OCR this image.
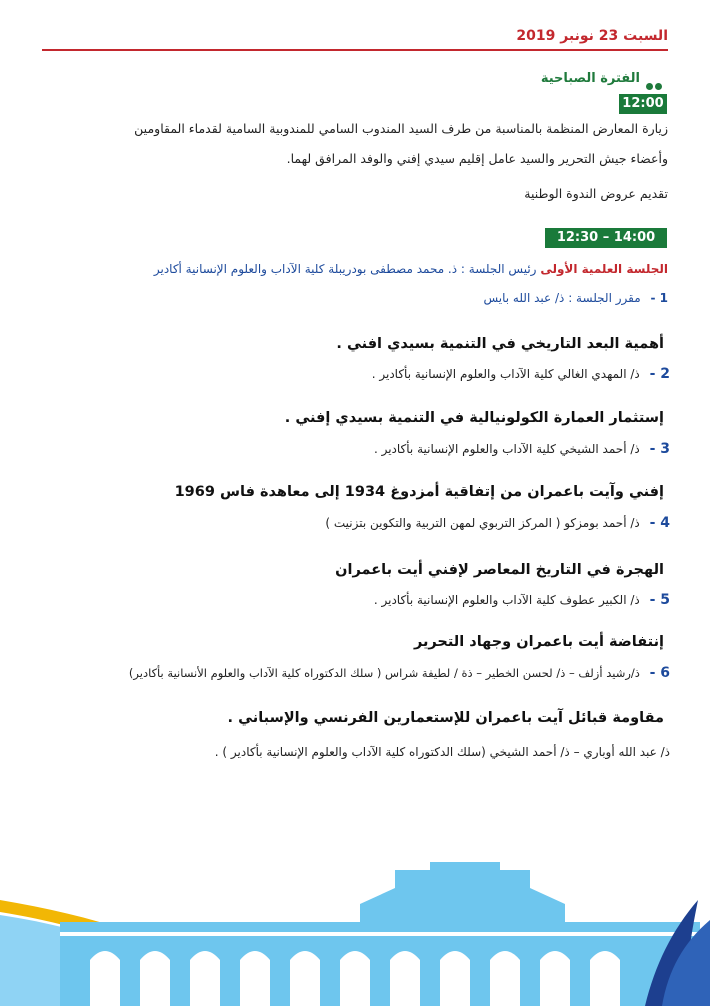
السبت 23 نونبر 2019
الفترة الصباحية
12:00
زيارة المعارض المنظمة بالمناسبة من طرف السيد المندوب السامي للمندوبية السامية لقدماء المقاومين
وأعضاء جيش التحرير والسيد عامل إقليم سيدي إفني والوفد المرافق لهما.
تقديم عروض الندوة الوطنية
12:30 – 14:00
الجلسة العلمية الأولى رئيس الجلسة : ذ. محمد مصطفى بودريبلة كلية الآداب والعلوم الإنسانية أكادير
1 - مقرر الجلسة : ذ/ عبد الله بايس
أهمية البعد التاريخي في التنمية بسيدي افني .
2 - ذ/ المهدي الغالي كلية الآداب والعلوم الإنسانية بأكادير .
إستثمار العمارة الكولونيالية في التنمية بسيدي إفني .
3 - ذ/ أحمد الشيخي كلية الآداب والعلوم الإنسانية بأكادير .
إفني وآيت باعمران من إتفاقية أمزدوغ 1934 إلى معاهدة فاس 1969
4 - ذ/ أحمد بومزكو ( المركز التربوي لمهن التربية والتكوين بتزنيت )
الهجرة في التاريخ المعاصر لإفني أيت باعمران
5 - ذ/ الكبير عطوف كلية الآداب والعلوم الإنسانية بأكادير .
إنتفاضة أيت باعمران وجهاد التحرير
6 - ذ/رشيد أزلف – ذ/ لحسن الخطير – ذة / لطيفة شراس ( سلك الدكتوراه كلية الآداب والعلوم الأنسانية بأكادير)
مقاومة قبائل آيت باعمران للإستعمارين الفرنسي والإسباني .
ذ/ عبد الله أوباري – ذ/ أحمد الشيخي (سلك الدكتوراه كلية الآداب والعلوم الإنسانية بأكادير ) .
